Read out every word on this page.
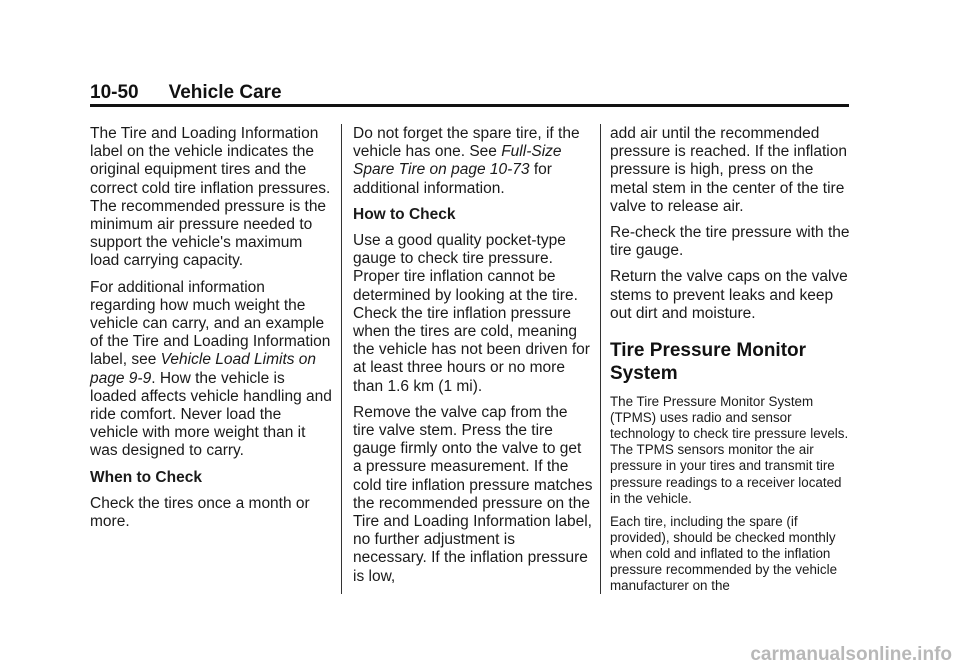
10-50 Vehicle Care

The Tire and Loading Information label on the vehicle indicates the original equipment tires and the correct cold tire inflation pressures. The recommended pressure is the minimum air pressure needed to support the vehicle's maximum load carrying capacity.

For additional information regarding how much weight the vehicle can carry, and an example of the Tire and Loading Information label, see Vehicle Load Limits on page 9-9. How the vehicle is loaded affects vehicle handling and ride comfort. Never load the vehicle with more weight than it was designed to carry.

When to Check

Check the tires once a month or more.

Do not forget the spare tire, if the vehicle has one. See Full-Size Spare Tire on page 10-73 for additional information.

How to Check

Use a good quality pocket-type gauge to check tire pressure. Proper tire inflation cannot be determined by looking at the tire. Check the tire inflation pressure when the tires are cold, meaning the vehicle has not been driven for at least three hours or no more than 1.6 km (1 mi).

Remove the valve cap from the tire valve stem. Press the tire gauge firmly onto the valve to get a pressure measurement. If the cold tire inflation pressure matches the recommended pressure on the Tire and Loading Information label, no further adjustment is necessary. If the inflation pressure is low,

add air until the recommended pressure is reached. If the inflation pressure is high, press on the metal stem in the center of the tire valve to release air.

Re-check the tire pressure with the tire gauge.

Return the valve caps on the valve stems to prevent leaks and keep out dirt and moisture.

Tire Pressure Monitor System

The Tire Pressure Monitor System (TPMS) uses radio and sensor technology to check tire pressure levels. The TPMS sensors monitor the air pressure in your tires and transmit tire pressure readings to a receiver located in the vehicle.

Each tire, including the spare (if provided), should be checked monthly when cold and inflated to the inflation pressure recommended by the vehicle manufacturer on the

carmanualsonline.info
